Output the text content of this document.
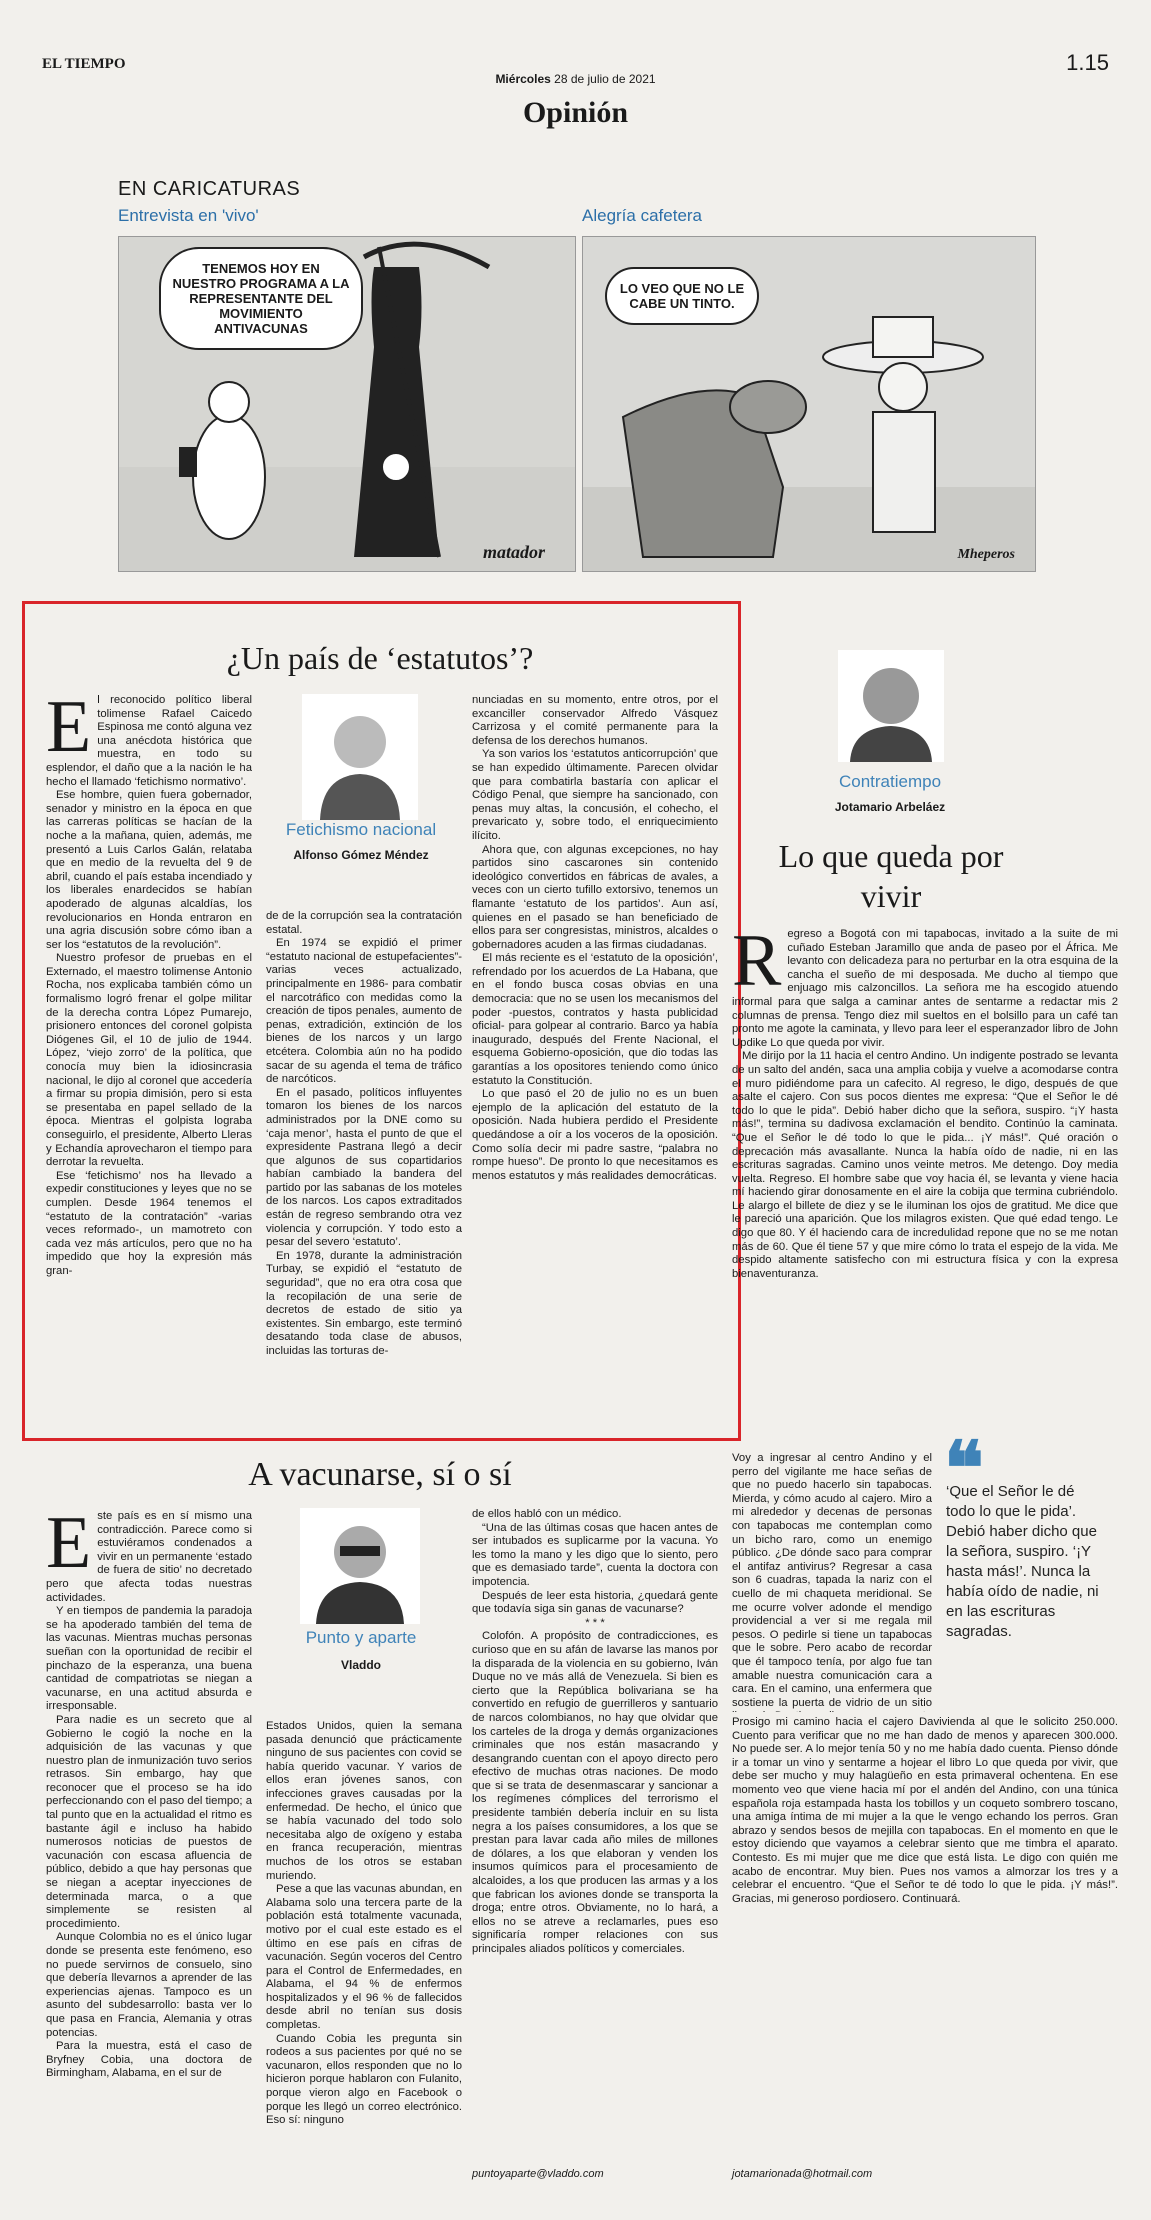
EL TIEMPO	1.15
Miércoles 28 de julio de 2021
Opinión
EN CARICATURAS
Entrevista en 'vivo'	Alegría cafetera
TENEMOS HOY EN NUESTRO PROGRAMA A LA REPRESENTANTE DEL MOVIMIENTO ANTIVACUNAS
matador
LO VEO QUE NO LE CABE UN TINTO.
Mheperos
¿Un país de ‘estatutos’?

El reconocido político liberal tolimense Rafael Caicedo Espinosa me contó alguna vez una anécdota histórica que muestra, en todo su esplendor, el daño que a la nación le ha hecho el llamado ‘fetichismo normativo’.

Ese hombre, quien fuera gobernador, senador y ministro en la época en que las carreras políticas se hacían de la noche a la mañana, quien, además, me presentó a Luis Carlos Galán, relataba que en medio de la revuelta del 9 de abril, cuando el país estaba incendiado y los liberales enardecidos se habían apoderado de algunas alcaldías, los revolucionarios en Honda entraron en una agria discusión sobre cómo iban a ser los “estatutos de la revolución”.

Nuestro profesor de pruebas en el Externado, el maestro tolimense Antonio Rocha, nos explicaba también cómo un formalismo logró frenar el golpe militar de la derecha contra López Pumarejo, prisionero entonces del coronel golpista Diógenes Gil, el 10 de julio de 1944. López, ‘viejo zorro’ de la política, que conocía muy bien la idiosincrasia nacional, le dijo al coronel que accedería a firmar su propia dimisión, pero si esta se presentaba en papel sellado de la época. Mientras el golpista lograba conseguirlo, el presidente, Alberto Lleras y Echandía aprovecharon el tiempo para derrotar la revuelta.

Ese ‘fetichismo’ nos ha llevado a expedir constituciones y leyes que no se cumplen. Desde 1964 tenemos el “estatuto de la contratación” -varias veces reformado-, un mamotreto con cada vez más artículos, pero que no ha impedido que hoy la expresión más gran-

Fetichismo nacional
Alfonso Gómez Méndez

de de la corrupción sea la contratación estatal.

En 1974 se expidió el primer “estatuto nacional de estupefacientes”-varias veces actualizado, principalmente en 1986- para combatir el narcotráfico con medidas como la creación de tipos penales, aumento de penas, extradición, extinción de los bienes de los narcos y un largo etcétera. Colombia aún no ha podido sacar de su agenda el tema de tráfico de narcóticos.

En el pasado, políticos influyentes tomaron los bienes de los narcos administrados por la DNE como su ‘caja menor’, hasta el punto de que el expresidente Pastrana llegó a decir que algunos de sus copartidarios habían cambiado la bandera del partido por las sabanas de los moteles de los narcos. Los capos extraditados están de regreso sembrando otra vez violencia y corrupción. Y todo esto a pesar del severo ‘estatuto’.

En 1978, durante la administración Turbay, se expidió el “estatuto de seguridad”, que no era otra cosa que la recopilación de una serie de decretos de estado de sitio ya existentes. Sin embargo, este terminó desatando toda clase de abusos, incluidas las torturas de-

nunciadas en su momento, entre otros, por el excanciller conservador Alfredo Vásquez Carrizosa y el comité permanente para la defensa de los derechos humanos.

Ya son varios los ‘estatutos anticorrupción’ que se han expedido últimamente. Parecen olvidar que para combatirla bastaría con aplicar el Código Penal, que siempre ha sancionado, con penas muy altas, la concusión, el cohecho, el prevaricato y, sobre todo, el enriquecimiento ilícito.

Ahora que, con algunas excepciones, no hay partidos sino cascarones sin contenido ideológico convertidos en fábricas de avales, a veces con un cierto tufillo extorsivo, tenemos un flamante ‘estatuto de los partidos’. Aun así, quienes en el pasado se han beneficiado de ellos para ser congresistas, ministros, alcaldes o gobernadores acuden a las firmas ciudadanas.

El más reciente es el ‘estatuto de la oposición’, refrendado por los acuerdos de La Habana, que en el fondo busca cosas obvias en una democracia: que no se usen los mecanismos del poder -puestos, contratos y hasta publicidad oficial- para golpear al contrario. Barco ya había inaugurado, después del Frente Nacional, el esquema Gobierno-oposición, que dio todas las garantías a los opositores teniendo como único estatuto la Constitución.

Lo que pasó el 20 de julio no es un buen ejemplo de la aplicación del estatuto de la oposición. Nada hubiera perdido el Presidente quedándose a oír a los voceros de la oposición. Como solía decir mi padre sastre, “palabra no rompe hueso”. De pronto lo que necesitamos es menos estatutos y más realidades democráticas.

A vacunarse, sí o sí

Este país es en sí mismo una contradicción. Parece como si estuviéramos condenados a vivir en un permanente ‘estado de fuera de sitio’ no decretado pero que afecta todas nuestras actividades.

Y en tiempos de pandemia la paradoja se ha apoderado también del tema de las vacunas. Mientras muchas personas sueñan con la oportunidad de recibir el pinchazo de la esperanza, una buena cantidad de compatriotas se niegan a vacunarse, en una actitud absurda e irresponsable.

Para nadie es un secreto que al Gobierno le cogió la noche en la adquisición de las vacunas y que nuestro plan de inmunización tuvo serios retrasos. Sin embargo, hay que reconocer que el proceso se ha ido perfeccionando con el paso del tiempo; a tal punto que en la actualidad el ritmo es bastante ágil e incluso ha habido numerosos noticias de puestos de vacunación con escasa afluencia de público, debido a que hay personas que se niegan a aceptar inyecciones de determinada marca, o a que simplemente se resisten al procedimiento.

Aunque Colombia no es el único lugar donde se presenta este fenómeno, eso no puede servirnos de consuelo, sino que debería llevarnos a aprender de las experiencias ajenas. Tampoco es un asunto del subdesarrollo: basta ver lo que pasa en Francia, Alemania y otras potencias.

Para la muestra, está el caso de Bryfney Cobia, una doctora de Birmingham, Alabama, en el sur de

Punto y aparte
Vladdo

Estados Unidos, quien la semana pasada denunció que prácticamente ninguno de sus pacientes con covid se había querido vacunar. Y varios de ellos eran jóvenes sanos, con infecciones graves causadas por la enfermedad. De hecho, el único que se había vacunado del todo solo necesitaba algo de oxígeno y estaba en franca recuperación, mientras muchos de los otros se estaban muriendo.

Pese a que las vacunas abundan, en Alabama solo una tercera parte de la población está totalmente vacunada, motivo por el cual este estado es el último en ese país en cifras de vacunación. Según voceros del Centro para el Control de Enfermedades, en Alabama, el 94 % de enfermos hospitalizados y el 96 % de fallecidos desde abril no tenían sus dosis completas.

Cuando Cobia les pregunta sin rodeos a sus pacientes por qué no se vacunaron, ellos responden que no lo hicieron porque hablaron con Fulanito, porque vieron algo en Facebook o porque les llegó un correo electrónico. Eso sí: ninguno

de ellos habló con un médico.

“Una de las últimas cosas que hacen antes de ser intubados es suplicarme por la vacuna. Yo les tomo la mano y les digo que lo siento, pero que es demasiado tarde”, cuenta la doctora con impotencia.

Después de leer esta historia, ¿quedará gente que todavía siga sin ganas de vacunarse?

* * *

Colofón. A propósito de contradicciones, es curioso que en su afán de lavarse las manos por la disparada de la violencia en su gobierno, Iván Duque no ve más allá de Venezuela. Si bien es cierto que la República bolivariana se ha convertido en refugio de guerrilleros y santuario de narcos colombianos, no hay que olvidar que los carteles de la droga y demás organizaciones criminales que nos están masacrando y desangrando cuentan con el apoyo directo pero efectivo de muchas otras naciones. De modo que si se trata de desenmascarar y sancionar a los regímenes cómplices del terrorismo el presidente también debería incluir en su lista negra a los países consumidores, a los que se prestan para lavar cada año miles de millones de dólares, a los que elaboran y venden los insumos químicos para el procesamiento de alcaloides, a los que producen las armas y a los que fabrican los aviones donde se transporta la droga; entre otros. Obviamente, no lo hará, a ellos no se atreve a reclamarles, pues eso significaría romper relaciones con sus principales aliados políticos y comerciales.

puntoyaparte@vladdo.com
Contratiempo
Jotamario Arbeláez
Lo que queda por vivir

Regreso a Bogotá con mi tapabocas, invitado a la suite de mi cuñado Esteban Jaramillo que anda de paseo por el África. Me levanto con delicadeza para no perturbar en la otra esquina de la cancha el sueño de mi desposada. Me ducho al tiempo que enjuago mis calzoncillos. La señora me ha escogido atuendo informal para que salga a caminar antes de sentarme a redactar mis 2 columnas de prensa. Tengo diez mil sueltos en el bolsillo para un café tan pronto me agote la caminata, y llevo para leer el esperanzador libro de John Updike Lo que queda por vivir.

Me dirijo por la 11 hacia el centro Andino. Un indigente postrado se levanta de un salto del andén, saca una amplia cobija y vuelve a acomodarse contra el muro pidiéndome para un cafecito. Al regreso, le digo, después de que asalte el cajero. Con sus pocos dientes me expresa: “Que el Señor le dé todo lo que le pida”. Debió haber dicho que la señora, suspiro. “¡Y hasta más!”, termina su dadivosa exclamación el bendito. Continúo la caminata. “Que el Señor le dé todo lo que le pida... ¡Y más!”. Qué oración o deprecación más avasallante. Nunca la había oído de nadie, ni en las escrituras sagradas. Camino unos veinte metros. Me detengo. Doy media vuelta. Regreso. El hombre sabe que voy hacia él, se levanta y viene hacia mí haciendo girar donosamente en el aire la cobija que termina cubriéndolo. Le alargo el billete de diez y se le iluminan los ojos de gratitud. Me dice que le pareció una aparición. Que los milagros existen. Que qué edad tengo. Le digo que 80. Y él haciendo cara de incredulidad repone que no se me notan más de 60. Que él tiene 57 y que mire cómo lo trata el espejo de la vida. Me despido altamente satisfecho con mi estructura física y con la expresa bienaventuranza.

Voy a ingresar al centro Andino y el perro del vigilante me hace señas de que no puedo hacerlo sin tapabocas. Mierda, y cómo acudo al cajero. Miro a mi alrededor y decenas de personas con tapabocas me contemplan como un bicho raro, como un enemigo público. ¿De dónde saco para comprar el antifaz antivirus? Regresar a casa son 6 cuadras, tapada la nariz con el cuello de mi chaqueta meridional. Se me ocurre volver adonde el mendigo providencial a ver si me regala mil pesos. O pedirle si tiene un tapabocas que le sobre. Pero acabo de recordar que él tampoco tenía, por algo fue tan amable nuestra comunicación cara a cara. En el camino, una enfermera que sostiene la puerta de vidrio de un sitio

❝
‘Que el Señor le dé todo lo que le pida’. Debió haber dicho que la señora, suspiro. ‘¡Y hasta más!’. Nunca la había oído de nadie, ni en las escrituras sagradas.

Prosigo mi camino hacia el cajero Davivienda al que le solicito 250.000. Cuento para verificar que no me han dado de menos y aparecen 300.000. No puede ser. A lo mejor tenía 50 y no me había dado cuenta. Pienso dónde ir a tomar un vino y sentarme a hojear el libro Lo que queda por vivir, que debe ser mucho y muy halagüeño en esta primaveral ochentena. En ese momento veo que viene hacia mí por el andén del Andino, con una túnica española roja estampada hasta los tobillos y un coqueto sombrero toscano, una amiga íntima de mi mujer a la que le vengo echando los perros. Gran abrazo y sendos besos de mejilla con tapabocas. En el momento en que le estoy diciendo que vayamos a celebrar siento que me timbra el aparato. Contesto. Es mi mujer que me dice que está lista. Le digo con quién me acabo de encontrar. Muy bien. Pues nos vamos a almorzar los tres y a celebrar el encuentro. “Que el Señor te dé todo lo que le pida. ¡Y más!”. Gracias, mi generoso pordiosero. Continuará.

jotamarionada@hotmail.com
